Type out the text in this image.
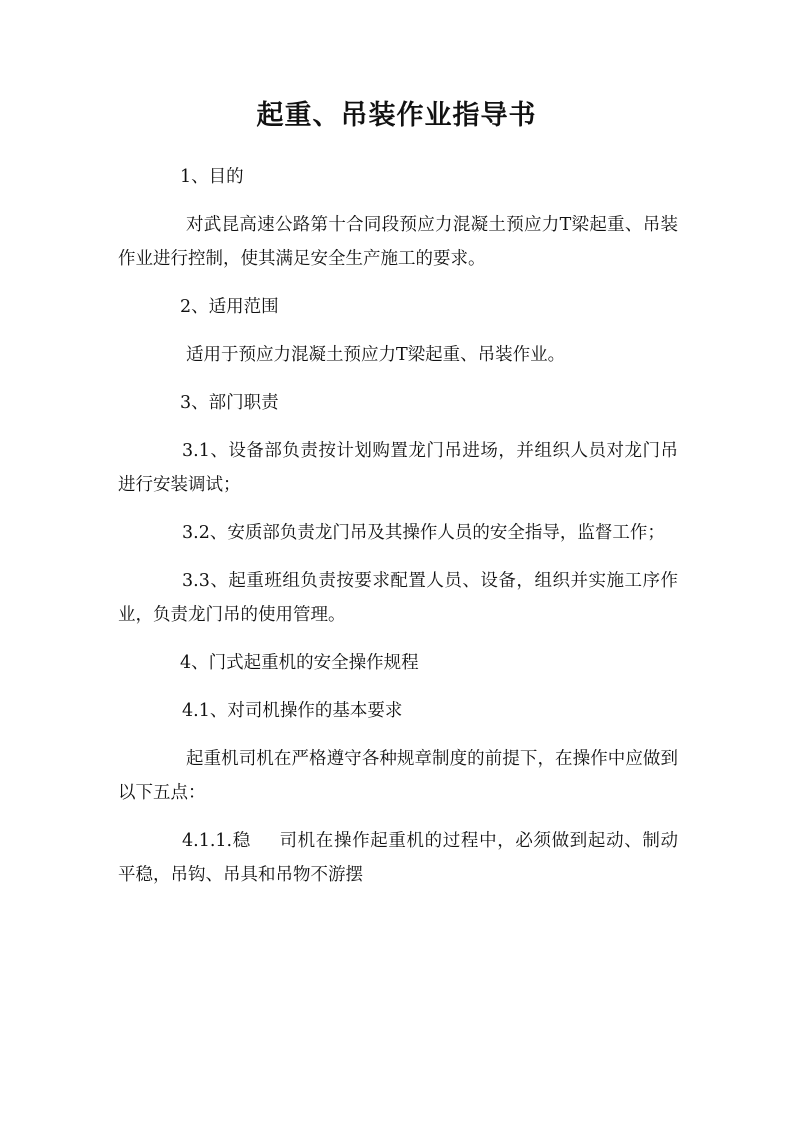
起重、吊装作业指导书

1、目的

对武昆高速公路第十合同段预应力混凝土预应力T梁起重、吊装作业进行控制，使其满足安全生产施工的要求。

2、适用范围

适用于预应力混凝土预应力T梁起重、吊装作业。

3、部门职责

3.1、设备部负责按计划购置龙门吊进场，并组织人员对龙门吊进行安装调试；

3.2、安质部负责龙门吊及其操作人员的安全指导，监督工作；

3.3、起重班组负责按要求配置人员、设备，组织并实施工序作业，负责龙门吊的使用管理。

4、门式起重机的安全操作规程

4.1、对司机操作的基本要求

起重机司机在严格遵守各种规章制度的前提下，在操作中应做到以下五点：

4.1.1.稳 司机在操作起重机的过程中，必须做到起动、制动平稳，吊钩、吊具和吊物不游摆
